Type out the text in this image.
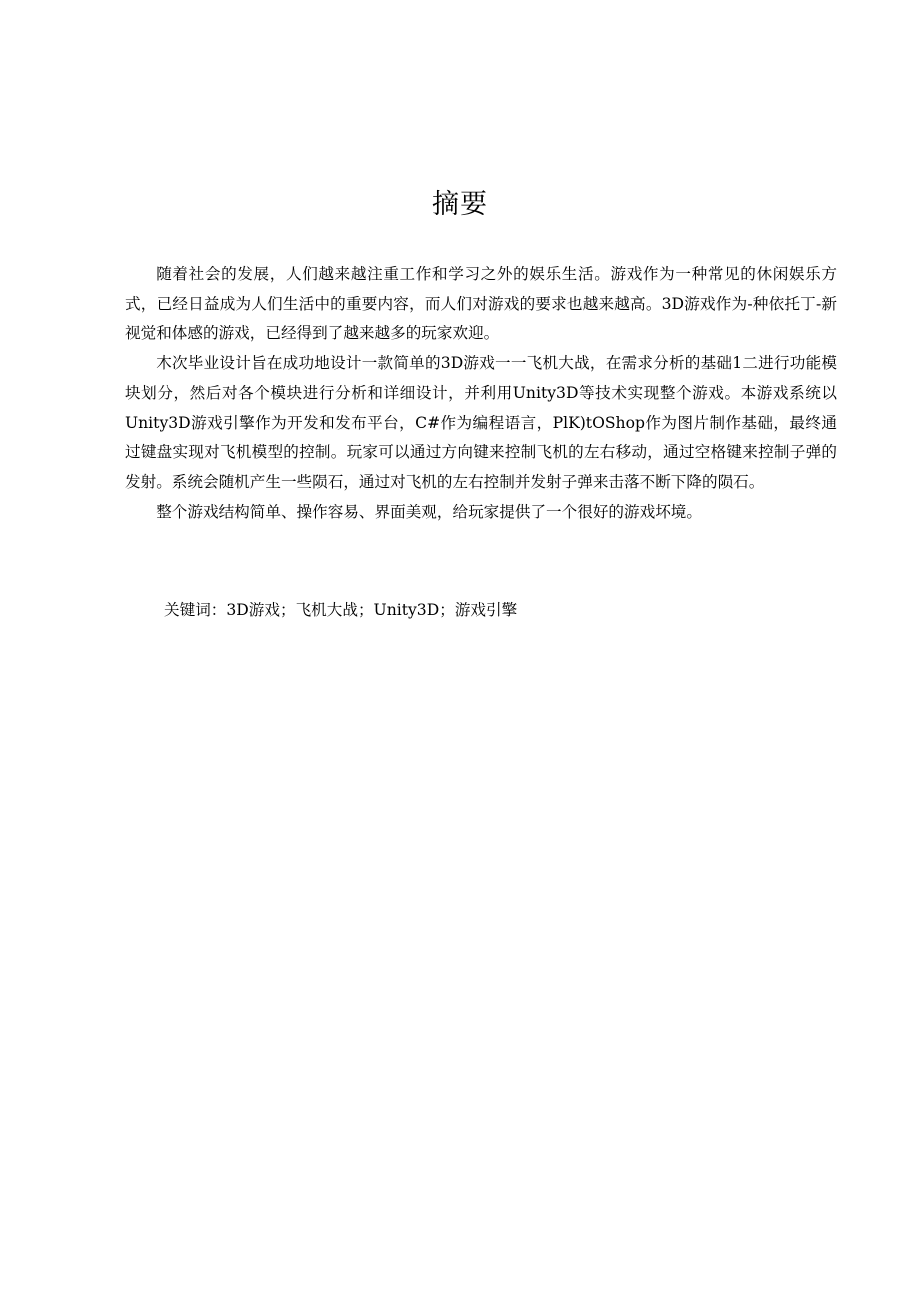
摘要

随着社会的发展，人们越来越注重工作和学习之外的娱乐生活。游戏作为一种常见的休闲娱乐方式，已经日益成为人们生活中的重要内容，而人们对游戏的要求也越来越高。3D游戏作为-种依托丁-新视觉和体感的游戏，已经得到了越来越多的玩家欢迎。

木次毕业设计旨在成功地设计一款简单的3D游戏一一飞机大战，在需求分析的基础1二进行功能模块划分，然后对各个模块进行分析和详细设计，并利用Unity3D等技术实现整个游戏。本游戏系统以Unity3D游戏引擎作为开发和发布平台，C#作为编程语言，PlK)tOShop作为图片制作基础，最终通过键盘实现对飞机模型的控制。玩家可以通过方向键来控制飞机的左右移动，通过空格键来控制子弹的发射。系统会随机产生一些陨石，通过对飞机的左右控制并发射子弹来击落不断下降的陨石。

整个游戏结构简单、操作容易、界面美观，给玩家提供了一个很好的游戏坏境。

关键词：3D游戏；飞机大战；Unity3D；游戏引擎
